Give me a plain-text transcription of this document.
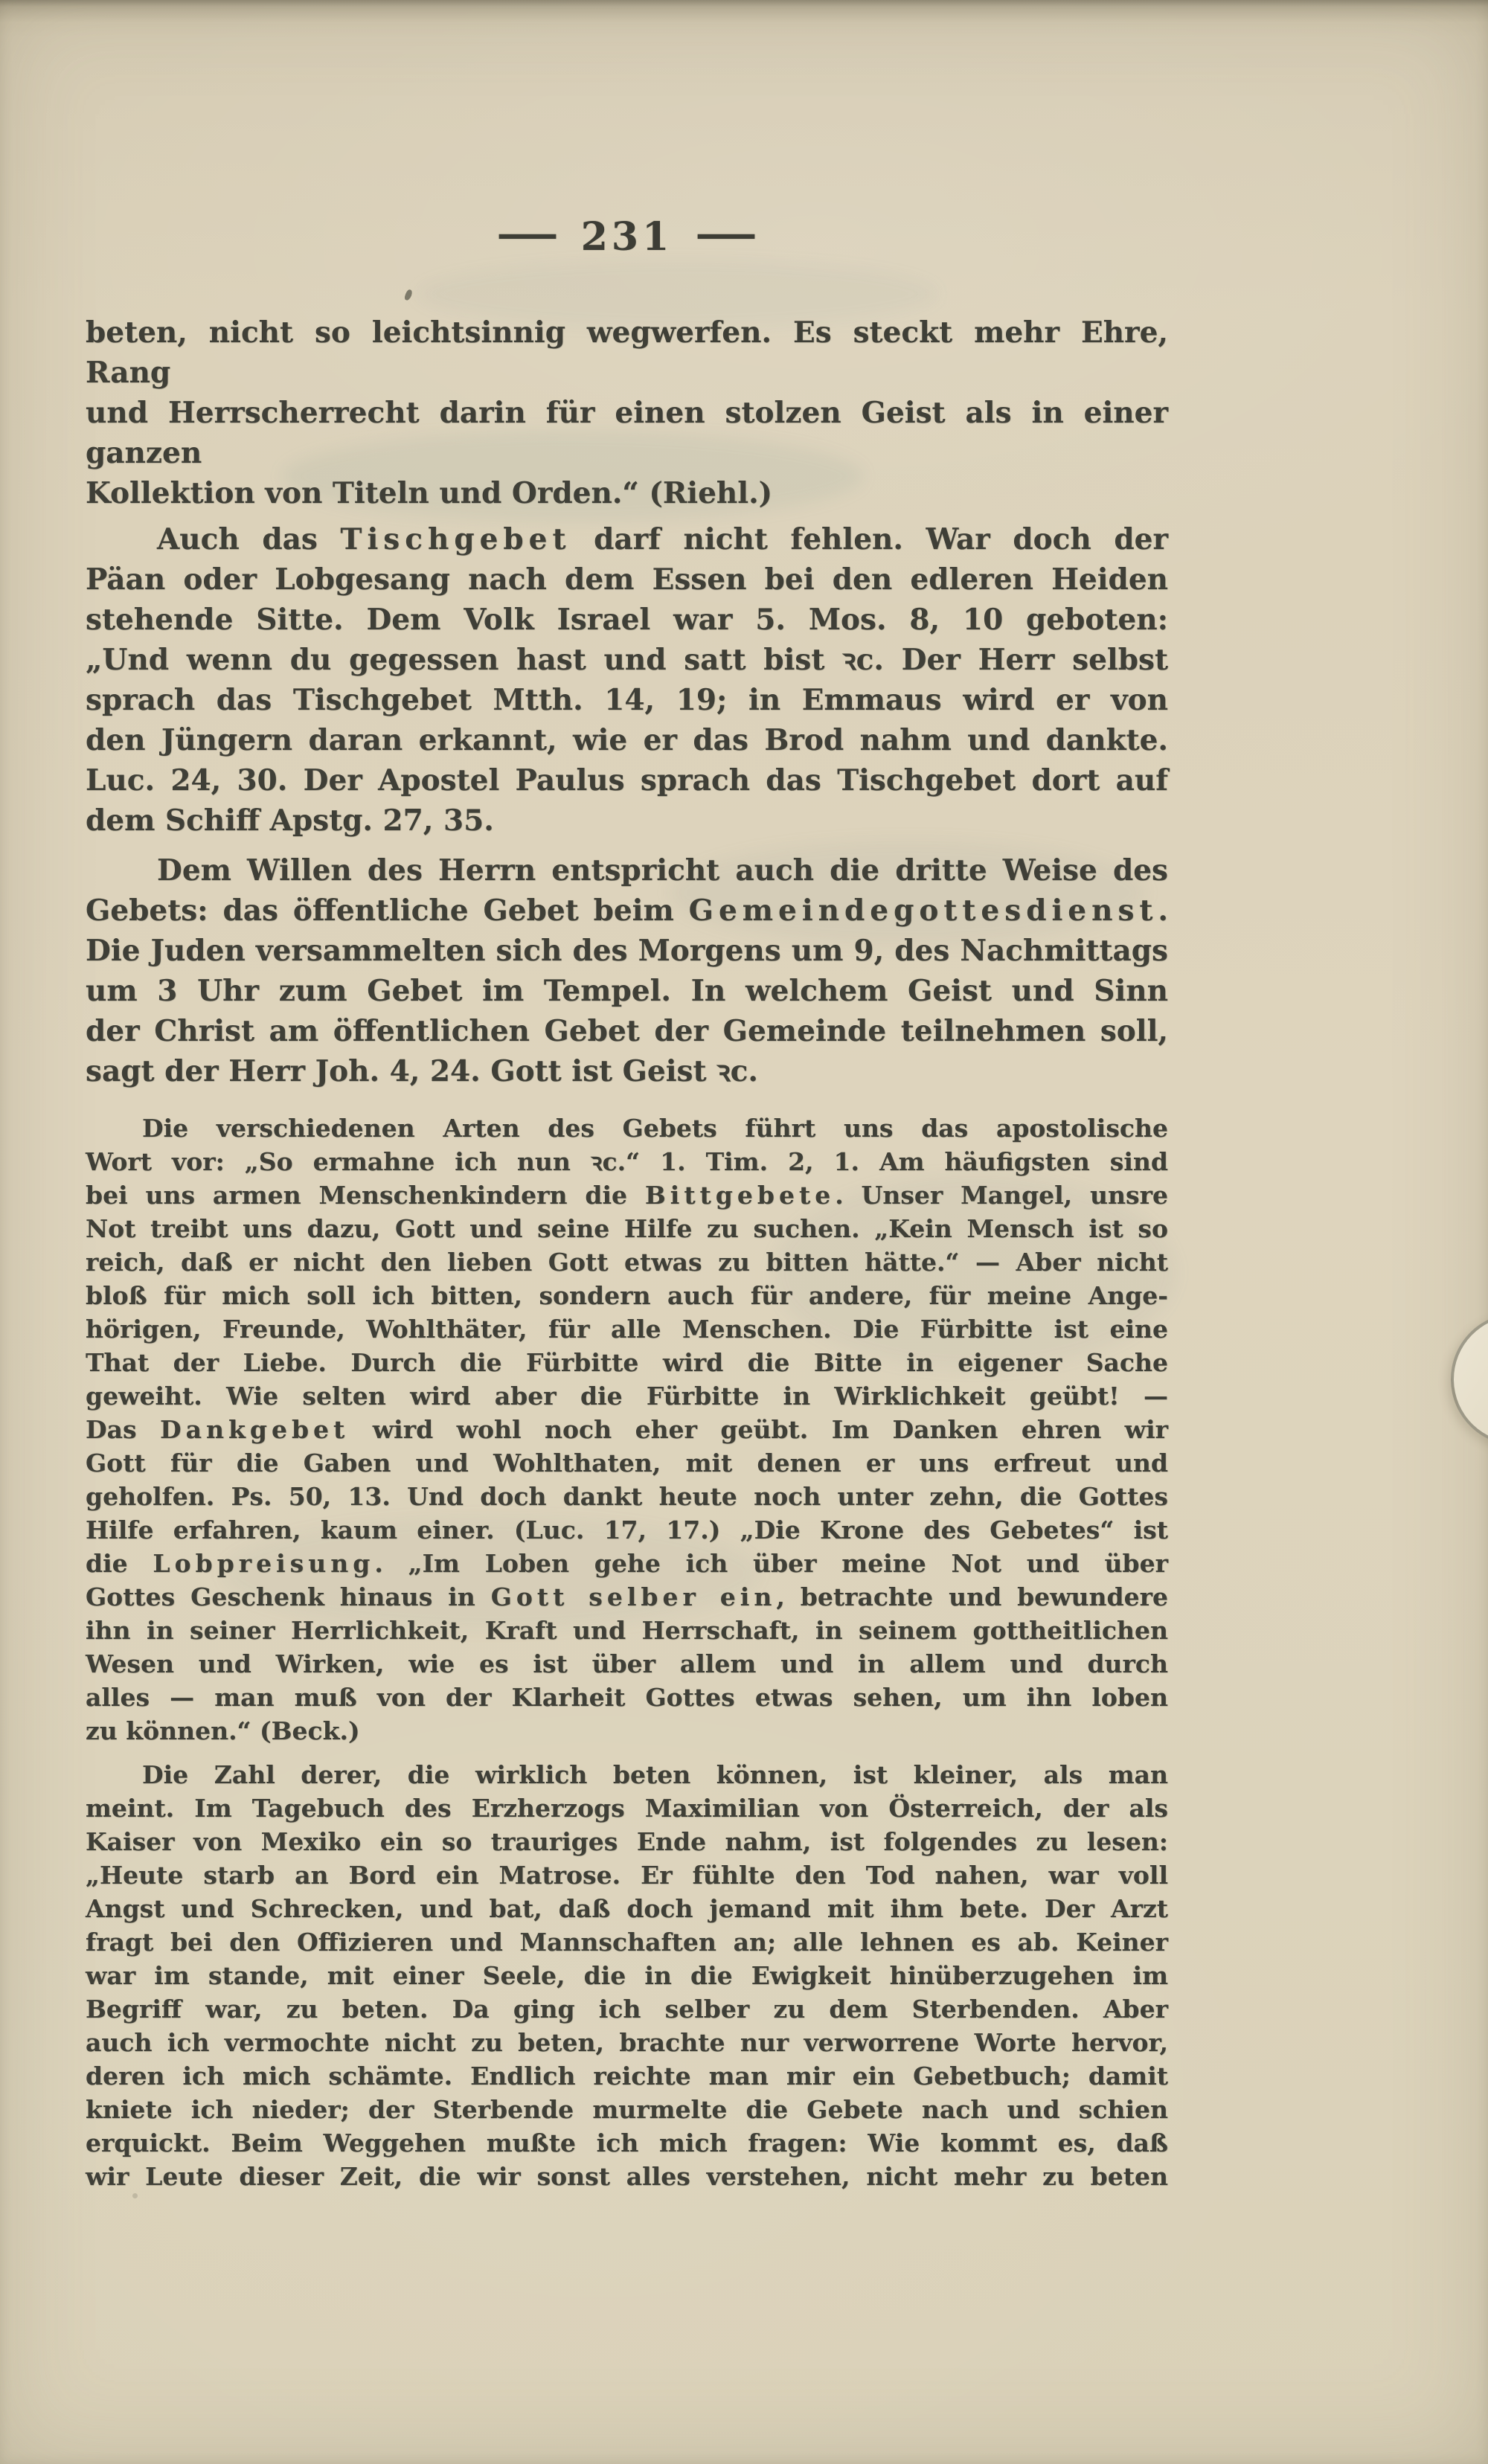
— 231 —
beten, nicht so leichtsinnig wegwerfen. Es steckt mehr Ehre, Rang
und Herrscherrecht darin für einen stolzen Geist als in einer ganzen
Kollektion von Titeln und Orden.“ (Riehl.)
Auch das Tischgebet darf nicht fehlen. War doch der
Päan oder Lobgesang nach dem Essen bei den edleren Heiden
stehende Sitte. Dem Volk Israel war 5. Mos. 8, 10 geboten:
„Und wenn du gegessen hast und satt bist ꝛc. Der Herr selbst
sprach das Tischgebet Mtth. 14, 19; in Emmaus wird er von
den Jüngern daran erkannt, wie er das Brod nahm und dankte.
Luc. 24, 30. Der Apostel Paulus sprach das Tischgebet dort auf
dem Schiff Apstg. 27, 35.
Dem Willen des Herrn entspricht auch die dritte Weise des
Gebets: das öffentliche Gebet beim Gemeindegottesdienst.
Die Juden versammelten sich des Morgens um 9, des Nachmittags
um 3 Uhr zum Gebet im Tempel. In welchem Geist und Sinn
der Christ am öffentlichen Gebet der Gemeinde teilnehmen soll,
sagt der Herr Joh. 4, 24. Gott ist Geist ꝛc.
Die verschiedenen Arten des Gebets führt uns das apostolische
Wort vor: „So ermahne ich nun ꝛc.“ 1. Tim. 2, 1. Am häufigsten sind
bei uns armen Menschenkindern die Bittgebete. Unser Mangel, unsre
Not treibt uns dazu, Gott und seine Hilfe zu suchen. „Kein Mensch ist so
reich, daß er nicht den lieben Gott etwas zu bitten hätte.“ — Aber nicht
bloß für mich soll ich bitten, sondern auch für andere, für meine Ange-
hörigen, Freunde, Wohlthäter, für alle Menschen. Die Fürbitte ist eine
That der Liebe. Durch die Fürbitte wird die Bitte in eigener Sache
geweiht. Wie selten wird aber die Fürbitte in Wirklichkeit geübt! —
Das Dankgebet wird wohl noch eher geübt. Im Danken ehren wir
Gott für die Gaben und Wohlthaten, mit denen er uns erfreut und
geholfen. Ps. 50, 13. Und doch dankt heute noch unter zehn, die Gottes
Hilfe erfahren, kaum einer. (Luc. 17, 17.) „Die Krone des Gebetes“ ist
die Lobpreisung. „Im Loben gehe ich über meine Not und über
Gottes Geschenk hinaus in Gott selber ein, betrachte und bewundere
ihn in seiner Herrlichkeit, Kraft und Herrschaft, in seinem gottheitlichen
Wesen und Wirken, wie es ist über allem und in allem und durch
alles — man muß von der Klarheit Gottes etwas sehen, um ihn loben
zu können.“ (Beck.)
Die Zahl derer, die wirklich beten können, ist kleiner, als man
meint. Im Tagebuch des Erzherzogs Maximilian von Österreich, der als
Kaiser von Mexiko ein so trauriges Ende nahm, ist folgendes zu lesen:
„Heute starb an Bord ein Matrose. Er fühlte den Tod nahen, war voll
Angst und Schrecken, und bat, daß doch jemand mit ihm bete. Der Arzt
fragt bei den Offizieren und Mannschaften an; alle lehnen es ab. Keiner
war im stande, mit einer Seele, die in die Ewigkeit hinüberzugehen im
Begriff war, zu beten. Da ging ich selber zu dem Sterbenden. Aber
auch ich vermochte nicht zu beten, brachte nur verworrene Worte hervor,
deren ich mich schämte. Endlich reichte man mir ein Gebetbuch; damit
kniete ich nieder; der Sterbende murmelte die Gebete nach und schien
erquickt. Beim Weggehen mußte ich mich fragen: Wie kommt es, daß
wir Leute dieser Zeit, die wir sonst alles verstehen, nicht mehr zu beten
